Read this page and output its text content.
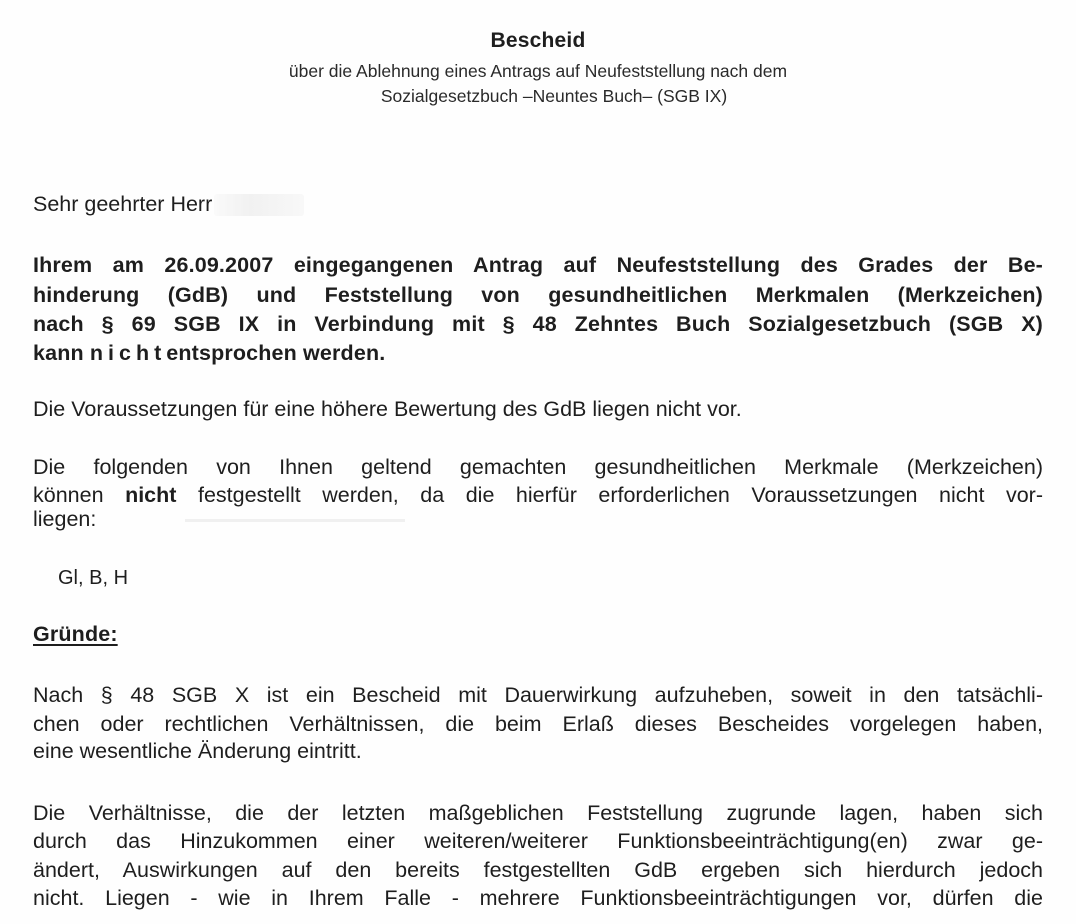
Bescheid
über die Ablehnung eines Antrags auf Neufeststellung nach dem
Sozialgesetzbuch –Neuntes Buch– (SGB IX)
Sehr geehrter Herr
Ihrem am 26.09.2007 eingegangenen Antrag auf Neufeststellung des Grades der Be-
hinderung (GdB) und Feststellung von gesundheitlichen Merkmalen (Merkzeichen)
nach § 69 SGB IX in Verbindung mit § 48 Zehntes Buch Sozialgesetzbuch (SGB X)
kann nichtentsprochen werden.
Die Voraussetzungen für eine höhere Bewertung des GdB liegen nicht vor.
Die folgenden von Ihnen geltend gemachten gesundheitlichen Merkmale (Merkzeichen)
können nicht festgestellt werden, da die hierfür erforderlichen Voraussetzungen nicht vor-
liegen:
Gl, B, H
Gründe:
Nach § 48 SGB X ist ein Bescheid mit Dauerwirkung aufzuheben, soweit in den tatsächli-
chen oder rechtlichen Verhältnissen, die beim Erlaß dieses Bescheides vorgelegen haben,
eine wesentliche Änderung eintritt.
Die Verhältnisse, die der letzten maßgeblichen Feststellung zugrunde lagen, haben sich
durch das Hinzukommen einer weiteren/weiterer Funktionsbeeinträchtigung(en) zwar ge-
ändert, Auswirkungen auf den bereits festgestellten GdB ergeben sich hierdurch jedoch
nicht. Liegen - wie in Ihrem Falle - mehrere Funktionsbeeinträchtigungen vor, dürfen die
